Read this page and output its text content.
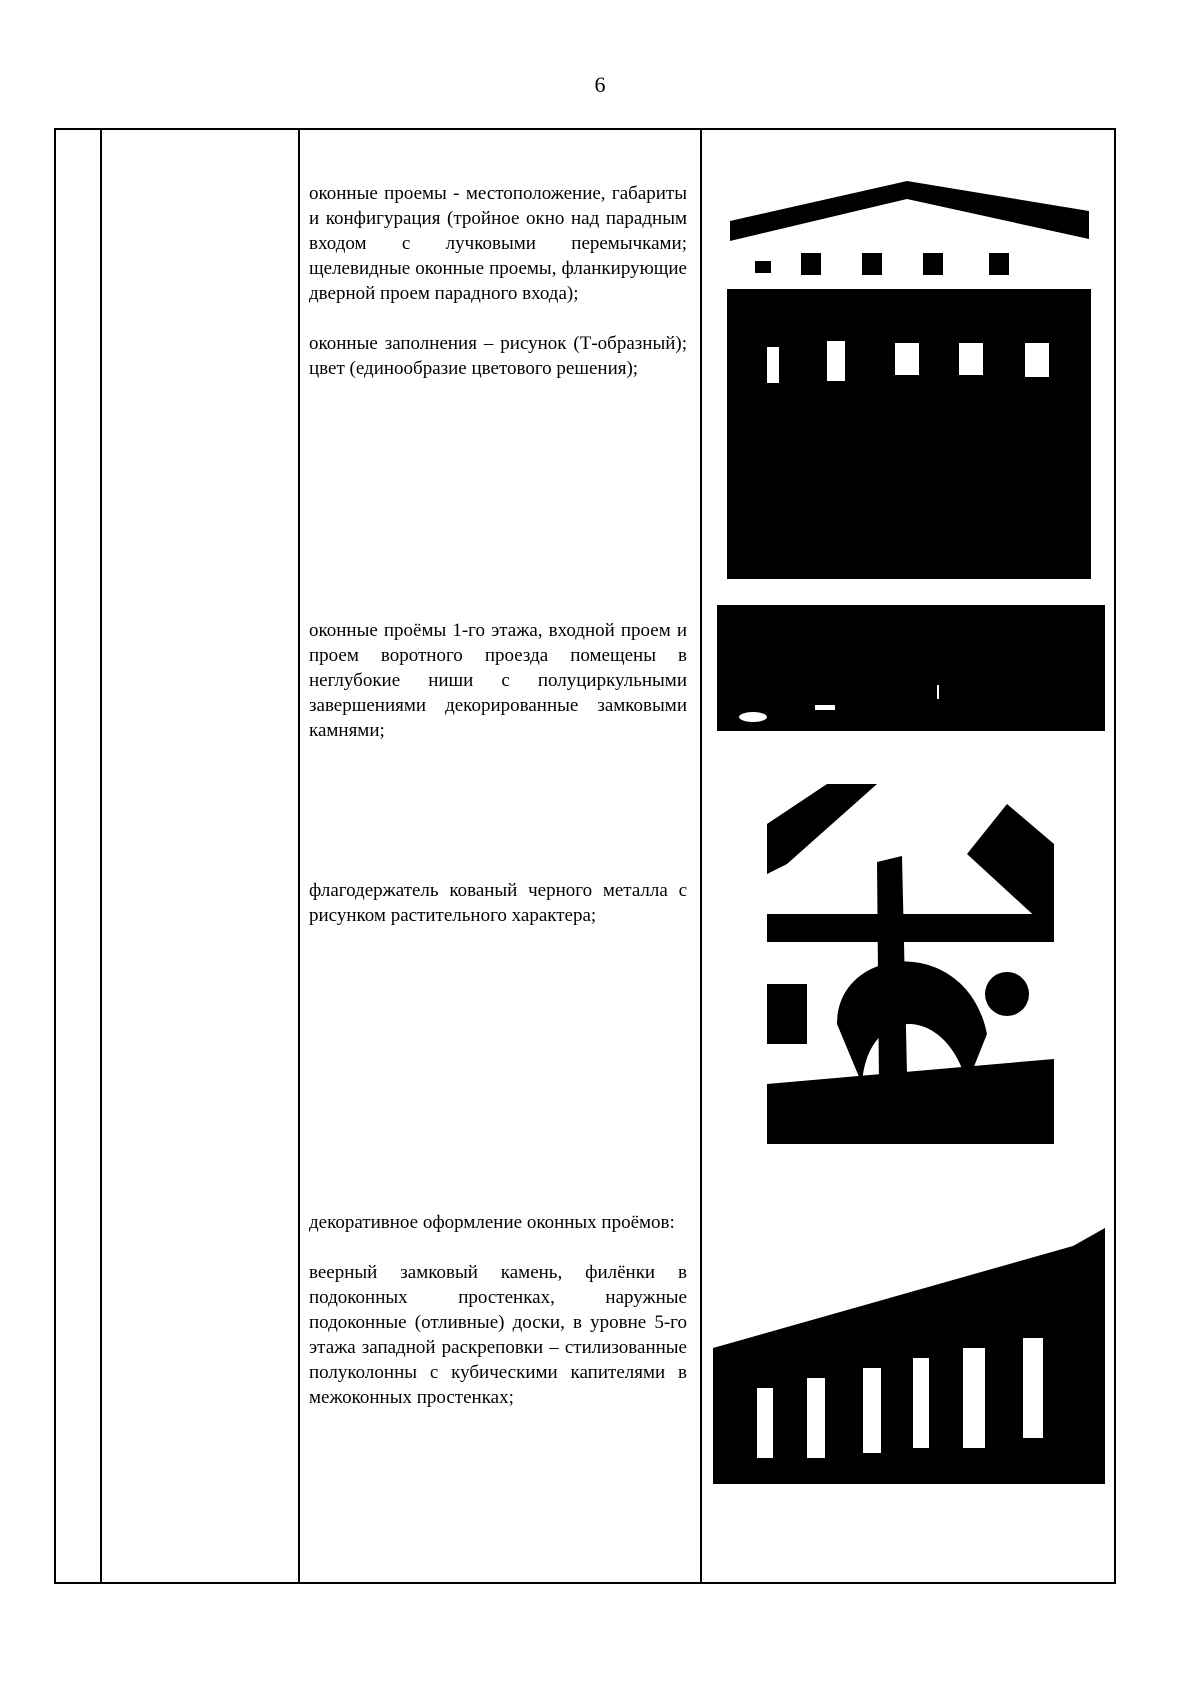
6

оконные проемы - местоположение, габариты и конфигурация (тройное окно над парадным входом с лучковыми перемычками; щелевидные оконные проемы, фланкирующие дверной проем парадного входа);

оконные заполнения – рисунок (Т-образный); цвет (единообразие цветового решения);

оконные проёмы 1-го этажа, входной проем и проем воротного проезда помещены в неглубокие ниши с полуциркульными завершениями декорированные замковыми камнями;

флагодержатель кованый черного металла с рисунком растительного характера;

декоративное оформление оконных проёмов:

веерный замковый камень, филёнки в подоконных простенках, наружные подоконные (отливные) доски, в уровне 5-го этажа западной раскреповки – стилизованные полуколонны с кубическими капителями в межоконных простенках;
